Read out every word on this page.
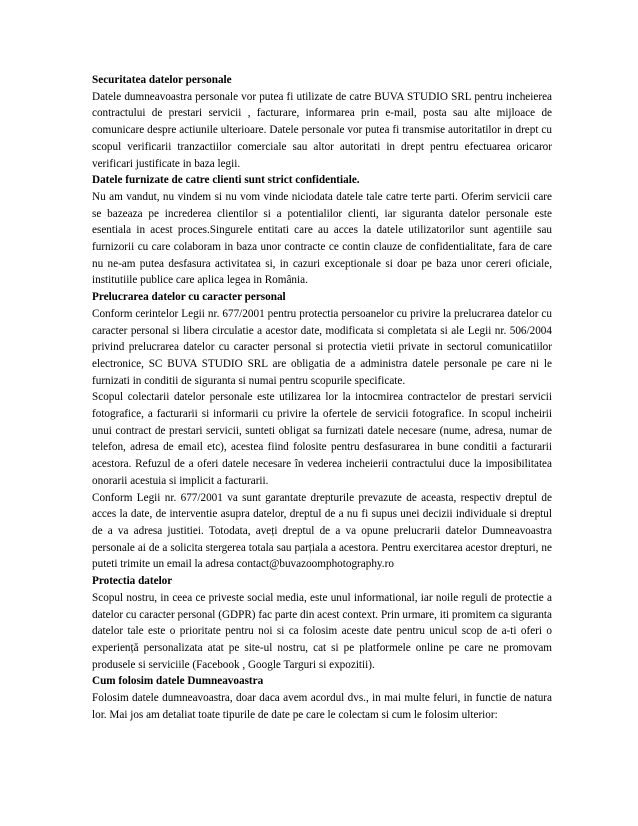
Securitatea datelor personale

Datele dumneavoastra personale vor putea fi utilizate de catre BUVA STUDIO SRL pentru incheierea contractului de prestari servicii , facturare, informarea prin e-mail, posta sau alte mijloace de comunicare despre actiunile ulterioare. Datele personale vor putea fi transmise autoritatilor in drept cu scopul verificarii tranzactiilor comerciale sau altor autoritati in drept pentru efectuarea oricaror verificari justificate in baza legii.

Datele furnizate de catre clienti sunt strict confidentiale.

Nu am vandut, nu vindem si nu vom vinde niciodata datele tale catre terte parti. Oferim servicii care se bazeaza pe increderea clientilor si a potentialilor clienti, iar siguranta datelor personale este esentiala in acest proces.Singurele entitati care au acces la datele utilizatorilor sunt agentiile sau furnizorii cu care colaboram in baza unor contracte ce contin clauze de confidentialitate, fara de care nu ne-am putea desfasura activitatea si, in cazuri exceptionale si doar pe baza unor cereri oficiale, institutiile publice care aplica legea in România.

Prelucrarea datelor cu caracter personal

Conform cerintelor Legii nr. 677/2001 pentru protectia persoanelor cu privire la prelucrarea datelor cu caracter personal si libera circulatie a acestor date, modificata si completata si ale Legii nr. 506/2004 privind prelucrarea datelor cu caracter personal si protectia vietii private in sectorul comunicatiilor electronice, SC BUVA STUDIO SRL are obligatia de a administra datele personale pe care ni le furnizati in conditii de siguranta si numai pentru scopurile specificate.

Scopul colectarii datelor personale este utilizarea lor la intocmirea contractelor de prestari servicii fotografice, a facturarii si informarii cu privire la ofertele de servicii fotografice. In scopul incheirii unui contract de prestari servicii, sunteti obligat sa furnizati datele necesare (nume, adresa, numar de telefon, adresa de email etc), acestea fiind folosite pentru desfasurarea in bune conditii a facturarii acestora. Refuzul de a oferi datele necesare în vederea incheierii contractului duce la imposibilitatea onorarii acestuia si implicit a facturarii.

Conform Legii nr. 677/2001 va sunt garantate drepturile prevazute de aceasta, respectiv dreptul de acces la date, de interventie asupra datelor, dreptul de a nu fi supus unei decizii individuale si dreptul de a va adresa justitiei. Totodata, aveți dreptul de a va opune prelucrarii datelor Dumneavoastra personale ai de a solicita stergerea totala sau parțiala a acestora. Pentru exercitarea acestor drepturi, ne puteti trimite un email la adresa contact@buvazoomphotography.ro

Protectia datelor

Scopul nostru, in ceea ce priveste social media, este unul informational, iar noile reguli de protectie a datelor cu caracter personal (GDPR) fac parte din acest context. Prin urmare, iti promitem ca siguranta datelor tale este o prioritate pentru noi si ca folosim aceste date pentru unicul scop de a-ti oferi o experiență personalizata atat pe site-ul nostru, cat si pe platformele online pe care ne promovam produsele si serviciile (Facebook , Google Targuri si expozitii).

Cum folosim datele Dumneavoastra

Folosim datele dumneavoastra, doar daca avem acordul dvs., in mai multe feluri, in functie de natura lor. Mai jos am detaliat toate tipurile de date pe care le colectam si cum le folosim ulterior:
